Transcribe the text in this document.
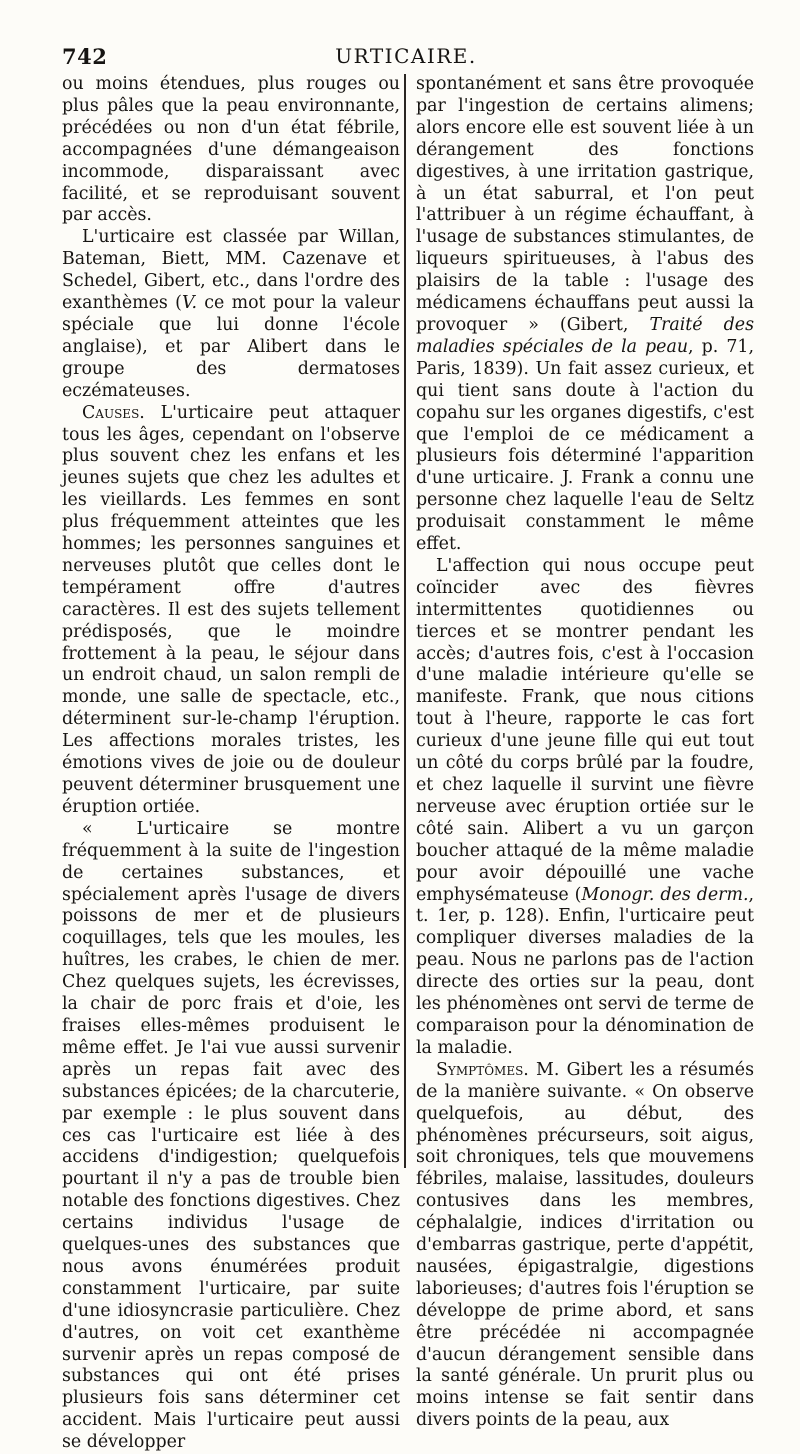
742	URTICAIRE.

ou moins étendues, plus rouges ou plus pâles que la peau environnante, précédées ou non d'un état fébrile, accompagnées d'une démangeaison incommode, disparaissant avec facilité, et se reproduisant souvent par accès.

L'urticaire est classée par Willan, Bateman, Biett, MM. Cazenave et Schedel, Gibert, etc., dans l'ordre des exanthèmes (V. ce mot pour la valeur spéciale que lui donne l'école anglaise), et par Alibert dans le groupe des dermatoses eczémateuses.

Causes. L'urticaire peut attaquer tous les âges, cependant on l'observe plus souvent chez les enfans et les jeunes sujets que chez les adultes et les vieillards. Les femmes en sont plus fréquemment atteintes que les hommes; les personnes sanguines et nerveuses plutôt que celles dont le tempérament offre d'autres caractères. Il est des sujets tellement prédisposés, que le moindre frottement à la peau, le séjour dans un endroit chaud, un salon rempli de monde, une salle de spectacle, etc., déterminent sur-le-champ l'éruption. Les affections morales tristes, les émotions vives de joie ou de douleur peuvent déterminer brusquement une éruption ortiée.

« L'urticaire se montre fréquemment à la suite de l'ingestion de certaines substances, et spécialement après l'usage de divers poissons de mer et de plusieurs coquillages, tels que les moules, les huîtres, les crabes, le chien de mer. Chez quelques sujets, les écrevisses, la chair de porc frais et d'oie, les fraises elles-mêmes produisent le même effet. Je l'ai vue aussi survenir après un repas fait avec des substances épicées; de la charcuterie, par exemple : le plus souvent dans ces cas l'urticaire est liée à des accidens d'indigestion; quelquefois pourtant il n'y a pas de trouble bien notable des fonctions digestives. Chez certains individus l'usage de quelques-unes des substances que nous avons énumérées produit constamment l'urticaire, par suite d'une idiosyncrasie particulière. Chez d'autres, on voit cet exanthème survenir après un repas composé de substances qui ont été prises plusieurs fois sans déterminer cet accident. Mais l'urticaire peut aussi se développer

spontanément et sans être provoquée par l'ingestion de certains alimens; alors encore elle est souvent liée à un dérangement des fonctions digestives, à une irritation gastrique, à un état saburral, et l'on peut l'attribuer à un régime échauffant, à l'usage de substances stimulantes, de liqueurs spiritueuses, à l'abus des plaisirs de la table : l'usage des médicamens échauffans peut aussi la provoquer » (Gibert, Traité des maladies spéciales de la peau, p. 71, Paris, 1839). Un fait assez curieux, et qui tient sans doute à l'action du copahu sur les organes digestifs, c'est que l'emploi de ce médicament a plusieurs fois déterminé l'apparition d'une urticaire. J. Frank a connu une personne chez laquelle l'eau de Seltz produisait constamment le même effet.

L'affection qui nous occupe peut coïncider avec des fièvres intermittentes quotidiennes ou tierces et se montrer pendant les accès; d'autres fois, c'est à l'occasion d'une maladie intérieure qu'elle se manifeste. Frank, que nous citions tout à l'heure, rapporte le cas fort curieux d'une jeune fille qui eut tout un côté du corps brûlé par la foudre, et chez laquelle il survint une fièvre nerveuse avec éruption ortiée sur le côté sain. Alibert a vu un garçon boucher attaqué de la même maladie pour avoir dépouillé une vache emphysémateuse (Monogr. des derm., t. 1er, p. 128). Enfin, l'urticaire peut compliquer diverses maladies de la peau. Nous ne parlons pas de l'action directe des orties sur la peau, dont les phénomènes ont servi de terme de comparaison pour la dénomination de la maladie.

Symptômes. M. Gibert les a résumés de la manière suivante. « On observe quelquefois, au début, des phénomènes précurseurs, soit aigus, soit chroniques, tels que mouvemens fébriles, malaise, lassitudes, douleurs contusives dans les membres, céphalalgie, indices d'irritation ou d'embarras gastrique, perte d'appétit, nausées, épigastralgie, digestions laborieuses; d'autres fois l'éruption se développe de prime abord, et sans être précédée ni accompagnée d'aucun dérangement sensible dans la santé générale. Un prurit plus ou moins intense se fait sentir dans divers points de la peau, aux
